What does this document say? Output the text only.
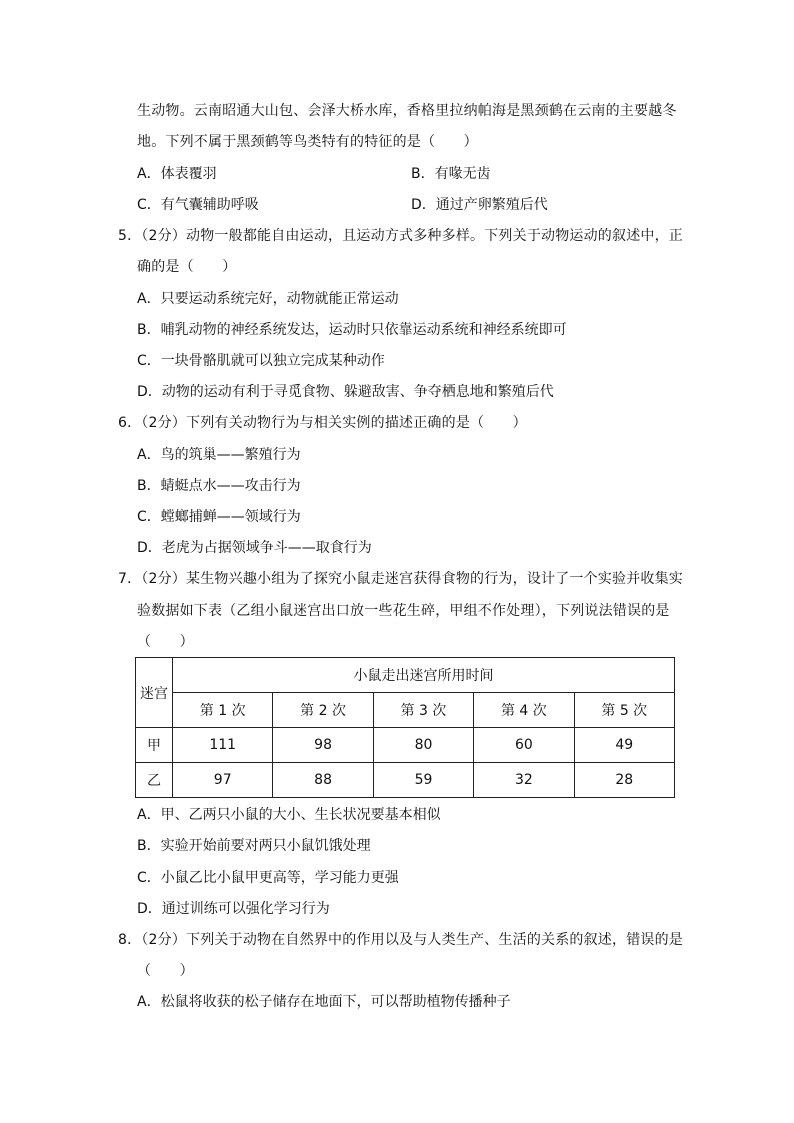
生动物。云南昭通大山包、会泽大桥水库，香格里拉纳帕海是黑颈鹤在云南的主要越冬
地。下列不属于黑颈鹤等鸟类特有的特征的是（　　）
A．体表覆羽	B．有喙无齿
C．有气囊辅助呼吸	D．通过产卵繁殖后代
5．（2分）动物一般都能自由运动，且运动方式多种多样。下列关于动物运动的叙述中，正
确的是（　　）
A．只要运动系统完好，动物就能正常运动
B．哺乳动物的神经系统发达，运动时只依靠运动系统和神经系统即可
C．一块骨骼肌就可以独立完成某种动作
D．动物的运动有利于寻觅食物、躲避敌害、争夺栖息地和繁殖后代
6．（2分）下列有关动物行为与相关实例的描述正确的是（　　）
A．鸟的筑巢——繁殖行为
B．蜻蜓点水——攻击行为
C．螳螂捕蝉——领域行为
D．老虎为占据领域争斗——取食行为
7．（2分）某生物兴趣小组为了探究小鼠走迷宫获得食物的行为，设计了一个实验并收集实
验数据如下表（乙组小鼠迷宫出口放一些花生碎，甲组不作处理），下列说法错误的是
（　　）
迷宫	小鼠走出迷宫所用时间				
	第 1 次	第 2 次	第 3 次	第 4 次	第 5 次
甲	111	98	80	60	49
乙	97	88	59	32	28
A．甲、乙两只小鼠的大小、生长状况要基本相似
B．实验开始前要对两只小鼠饥饿处理
C．小鼠乙比小鼠甲更高等，学习能力更强
D．通过训练可以强化学习行为
8．（2分）下列关于动物在自然界中的作用以及与人类生产、生活的关系的叙述，错误的是
（　　）
A．松鼠将收获的松子储存在地面下，可以帮助植物传播种子
